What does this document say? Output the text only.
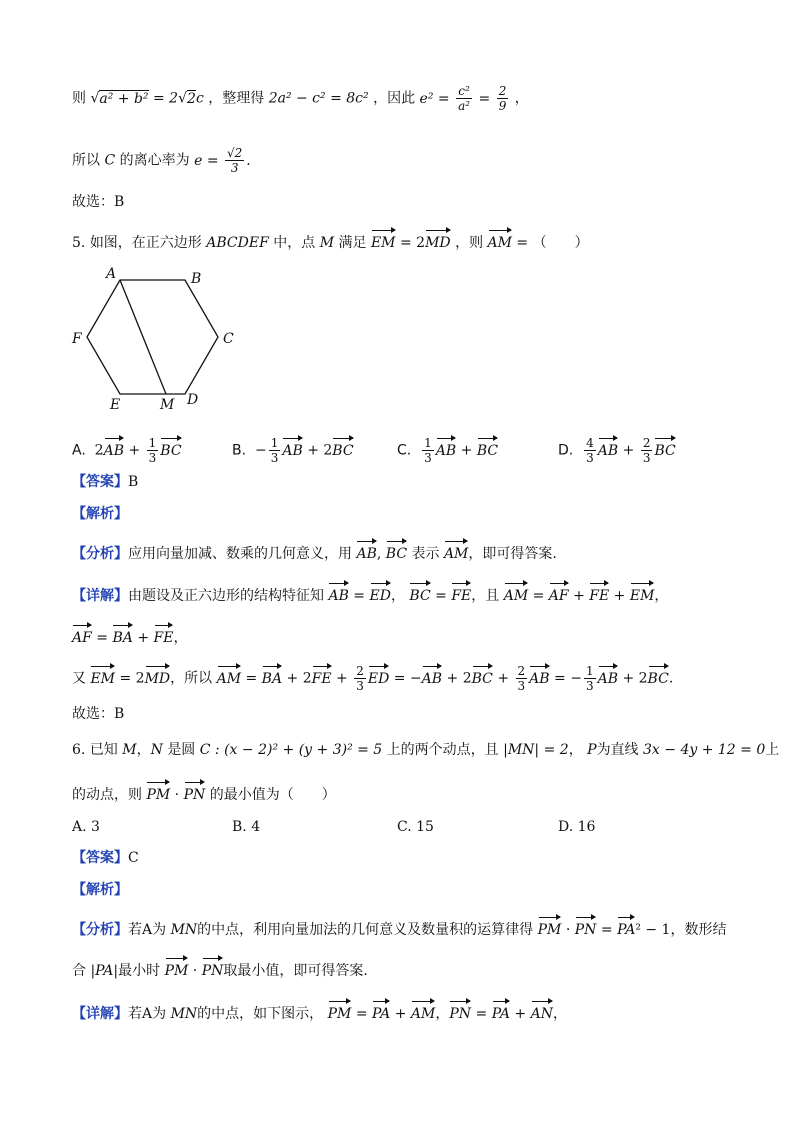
则 √a² + b² = 2√2c ，整理得 2a² − c² = 8c² ，因此 $e^2 = \frac{\text{c²}}{\text{a²}} = \frac{2}{9}$ ，
所以 C 的离心率为 $e = \frac{√2}{3}$ .
故选：B
5. 如图，在正六边形 ABCDEF 中，点 M 满足 EM = 2MD ，则 AM = （　　）
A	B
C
D
E
F
M
A.  $2AB + \frac{1}{3}$ BC	B.  − $\frac{1}{3}$ AB + 2BC	C. $\frac{1}{3}$ AB + BC	D. $\frac{4}{3}$ AB + $\frac{2}{3}$ BC
【答案】B
【解析】
【分析】应用向量加减、数乘的几何意义，用 AB, BC 表示 AM，即可得答案.
【详解】由题设及正六边形的结构特征知 AB = ED， BC = FE，且 AM = AF + FE + EM，
AF = BA + FE，
又 EM = 2MD，所以 AM = BA + $2FE + \frac{2}{3}$ ED = $-AB + 2BC + \frac{2}{3}$ AB = − $\frac{1}{3}$ AB + 2BC.
故选：B
6. 已知 M，N 是圆 C : (x − 2)² + (y + 3)² = 5 上的两个动点，且 |MN| = 2， P为直线 3x − 4y + 12 = 0上
的动点，则 PM · PN 的最小值为（　　）
A. 3	B. 4	C. 15	D. 16
【答案】C
【解析】
【分析】若A为 MN的中点，利用向量加法的几何意义及数量积的运算律得 PM · PN = PA² − 1，数形结
合 |PA|最小时 PM · PN取最小值，即可得答案.
【详解】若A为 MN的中点，如下图示， PM = PA + AM，PN = PA + AN，
